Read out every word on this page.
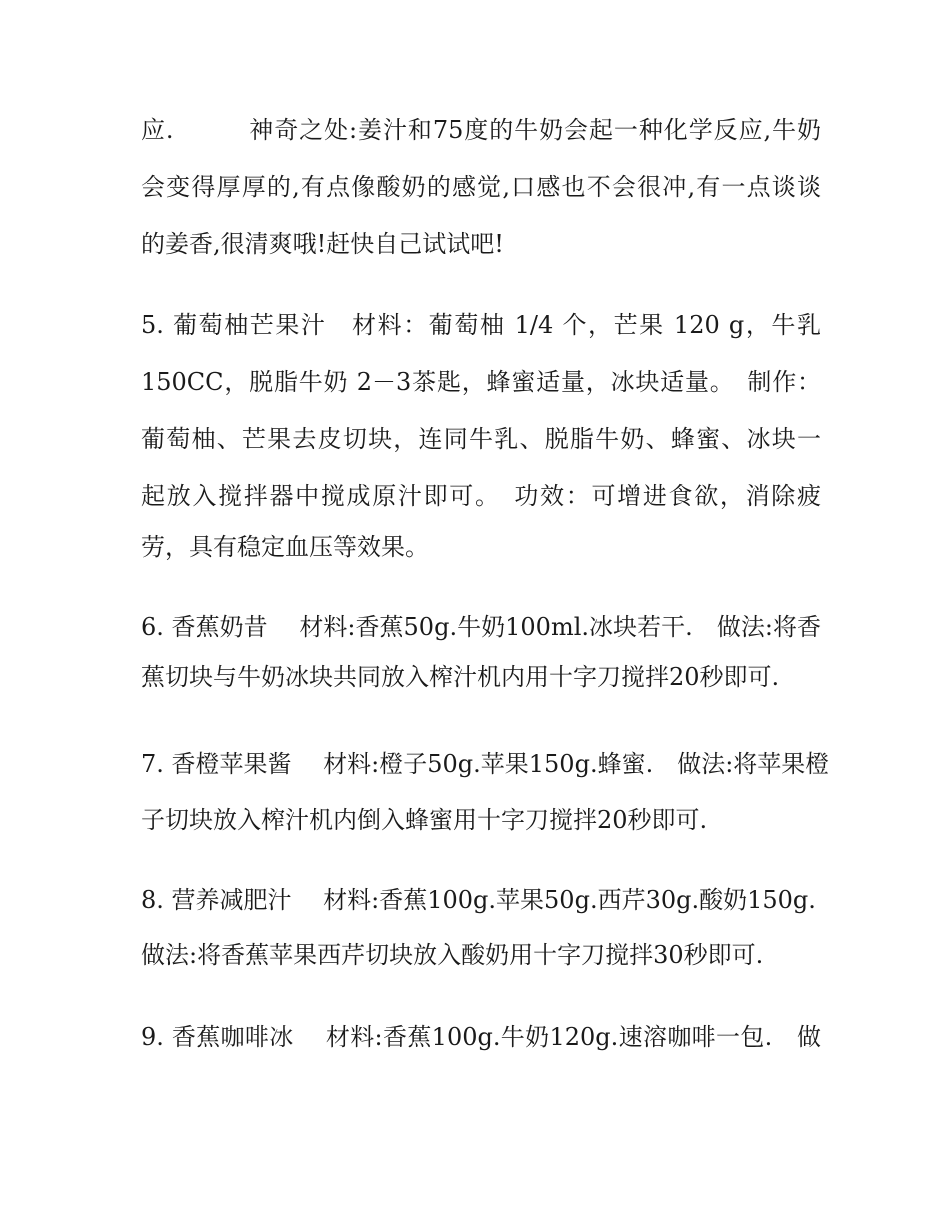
应.　　　神奇之处:姜汁和75度的牛奶会起一种化学反应,牛奶
会变得厚厚的,有点像酸奶的感觉,口感也不会很冲,有一点谈谈
的姜香,很清爽哦!赶快自己试试吧!
5. 葡萄柚芒果汁　材料：葡萄柚 1/4 个，芒果 120 g，牛乳
150CC，脱脂牛奶 2－3茶匙，蜂蜜适量，冰块适量。　制作：
葡萄柚、芒果去皮切块，连同牛乳、脱脂牛奶、蜂蜜、冰块一
起放入搅拌器中搅成原汁即可。　功效：可增进食欲，消除疲
劳，具有稳定血压等效果。
6. 香蕉奶昔　 材料:香蕉50g.牛奶100ml.冰块若干.　做法:将香
蕉切块与牛奶冰块共同放入榨汁机内用十字刀搅拌20秒即可.
7. 香橙苹果酱　 材料:橙子50g.苹果150g.蜂蜜.　做法:将苹果橙
子切块放入榨汁机内倒入蜂蜜用十字刀搅拌20秒即可.
8. 营养减肥汁　 材料:香蕉100g.苹果50g.西芹30g.酸奶150g.
做法:将香蕉苹果西芹切块放入酸奶用十字刀搅拌30秒即可.
9. 香蕉咖啡冰　 材料:香蕉100g.牛奶120g.速溶咖啡一包.　做
